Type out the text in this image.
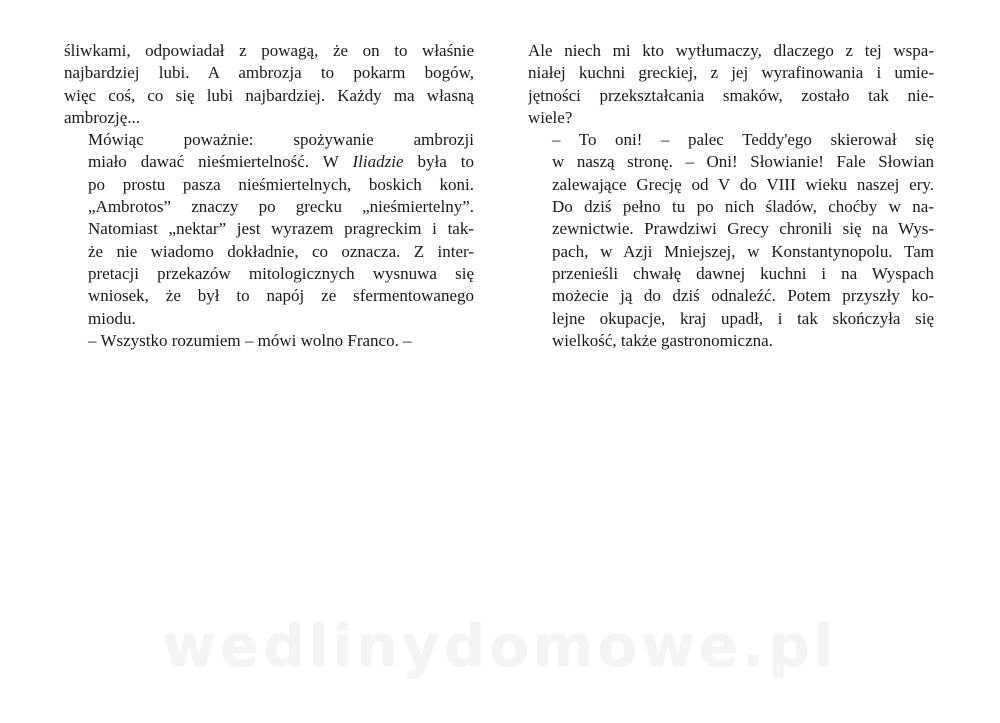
śliwkami, odpowiadał z powagą, że on to właśnie
najbardziej lubi. A ambrozja to pokarm bogów,
więc coś, co się lubi najbardziej. Każdy ma własną
ambrozję...

Mówiąc poważnie: spożywanie ambrozji
miało dawać nieśmiertelność. W Iliadzie była to
po prostu pasza nieśmiertelnych, boskich koni.
„Ambrotos” znaczy po grecku „nieśmiertelny”.
Natomiast „nektar” jest wyrazem pragreckim i tak-
że nie wiadomo dokładnie, co oznacza. Z inter-
pretacji przekazów mitologicznych wysnuwa się
wniosek, że był to napój ze sfermentowanego
miodu.

– Wszystko rozumiem – mówi wolno Franco. –

Ale niech mi kto wytłumaczy, dlaczego z tej wspa-
niałej kuchni greckiej, z jej wyrafinowania i umie-
jętności przekształcania smaków, zostało tak nie-
wiele?

– To oni! – palec Teddy'ego skierował się
w naszą stronę. – Oni! Słowianie! Fale Słowian
zalewające Grecję od V do VIII wieku naszej ery.
Do dziś pełno tu po nich śladów, choćby w na-
zewnictwie. Prawdziwi Grecy chronili się na Wys-
pach, w Azji Mniejszej, w Konstantynopolu. Tam
przenieśli chwałę dawnej kuchni i na Wyspach
możecie ją do dziś odnaleźć. Potem przyszły ko-
lejne okupacje, kraj upadł, i tak skończyła się
wielkość, także gastronomiczna.

wedlinydomowe.pl
